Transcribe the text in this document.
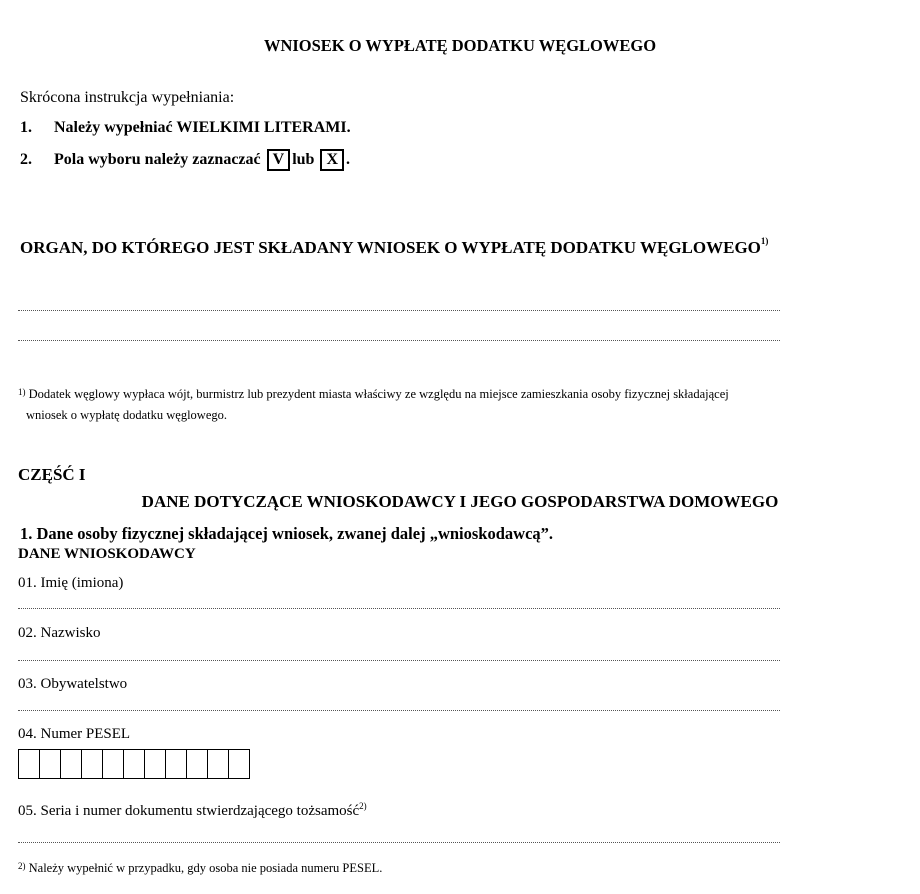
WNIOSEK O WYPŁATĘ DODATKU WĘGLOWEGO
Skrócona instrukcja wypełniania:
1. Należy wypełniać WIELKIMI LITERAMI.
2. Pola wyboru należy zaznaczać V lub X .
ORGAN, DO KTÓREGO JEST SKŁADANY WNIOSEK O WYPŁATĘ DODATKU WĘGLOWEGO$^{1)}$
$^{1)}$ Dodatek węglowy wypłaca wójt, burmistrz lub prezydent miasta właściwy ze względu na miejsce zamieszkania osoby fizycznej składającej
wniosek o wypłatę dodatku węglowego.
CZĘŚĆ I
DANE DOTYCZĄCE WNIOSKODAWCY I JEGO GOSPODARSTWA DOMOWEGO
1. Dane osoby fizycznej składającej wniosek, zwanej dalej „wnioskodawcą”.
DANE WNIOSKODAWCY
01. Imię (imiona)
02. Nazwisko
03. Obywatelstwo
04. Numer PESEL
05. Seria i numer dokumentu stwierdzającego tożsamość$^{2)}$
$^{2)}$ Należy wypełnić w przypadku, gdy osoba nie posiada numeru PESEL.
